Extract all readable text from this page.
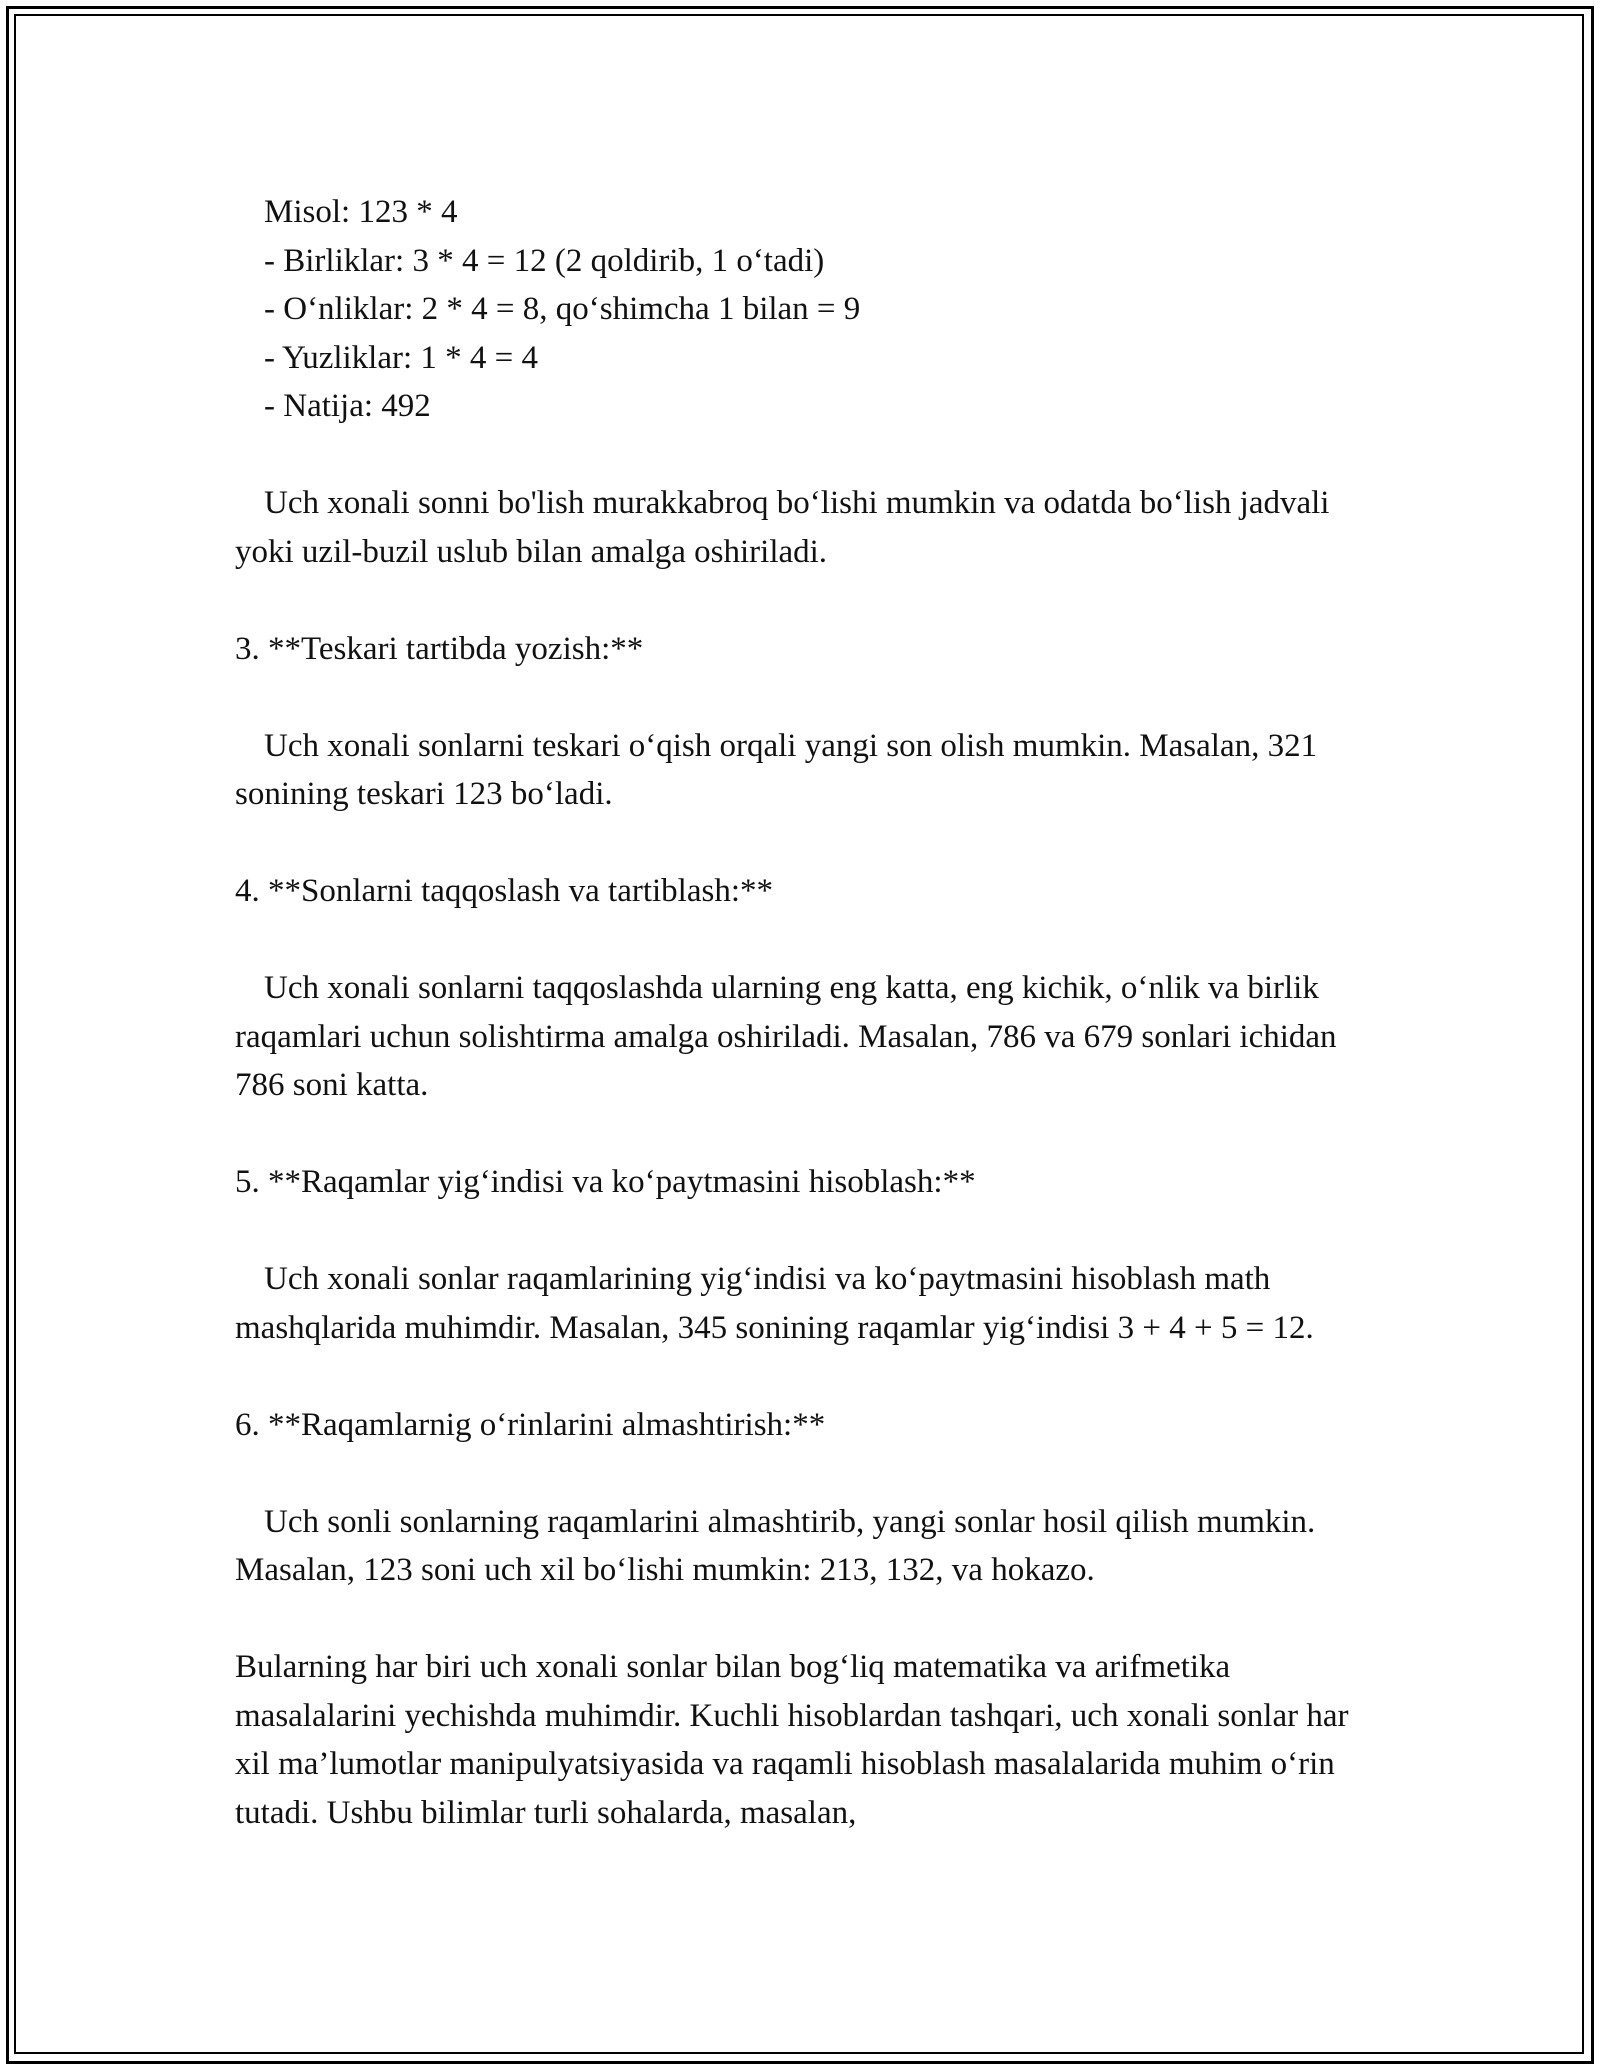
Misol: 123 * 4
- Birliklar: 3 * 4 = 12 (2 qoldirib, 1 o‘tadi)
- O‘nliklar: 2 * 4 = 8, qo‘shimcha 1 bilan = 9
- Yuzliklar: 1 * 4 = 4
- Natija: 492

Uch xonali sonni bo'lish murakkabroq bo‘lishi mumkin va odatda bo‘lish jadvali yoki uzil-buzil uslub bilan amalga oshiriladi.

3. **Teskari tartibda yozish:**

Uch xonali sonlarni teskari o‘qish orqali yangi son olish mumkin. Masalan, 321 sonining teskari 123 bo‘ladi.

4. **Sonlarni taqqoslash va tartiblash:**

Uch xonali sonlarni taqqoslashda ularning eng katta, eng kichik, o‘nlik va birlik raqamlari uchun solishtirma amalga oshiriladi. Masalan, 786 va 679 sonlari ichidan 786 soni katta.

5. **Raqamlar yig‘indisi va ko‘paytmasini hisoblash:**

Uch xonali sonlar raqamlarining yig‘indisi va ko‘paytmasini hisoblash math mashqlarida muhimdir. Masalan, 345 sonining raqamlar yig‘indisi 3 + 4 + 5 = 12.

6. **Raqamlarnig o‘rinlarini almashtirish:**

Uch sonli sonlarning raqamlarini almashtirib, yangi sonlar hosil qilish mumkin. Masalan, 123 soni uch xil bo‘lishi mumkin: 213, 132, va hokazo.

Bularning har biri uch xonali sonlar bilan bog‘liq matematika va arifmetika masalalarini yechishda muhimdir. Kuchli hisoblardan tashqari, uch xonali sonlar har xil ma’lumotlar manipulyatsiyasida va raqamli hisoblash masalalarida muhim o‘rin tutadi. Ushbu bilimlar turli sohalarda, masalan,
